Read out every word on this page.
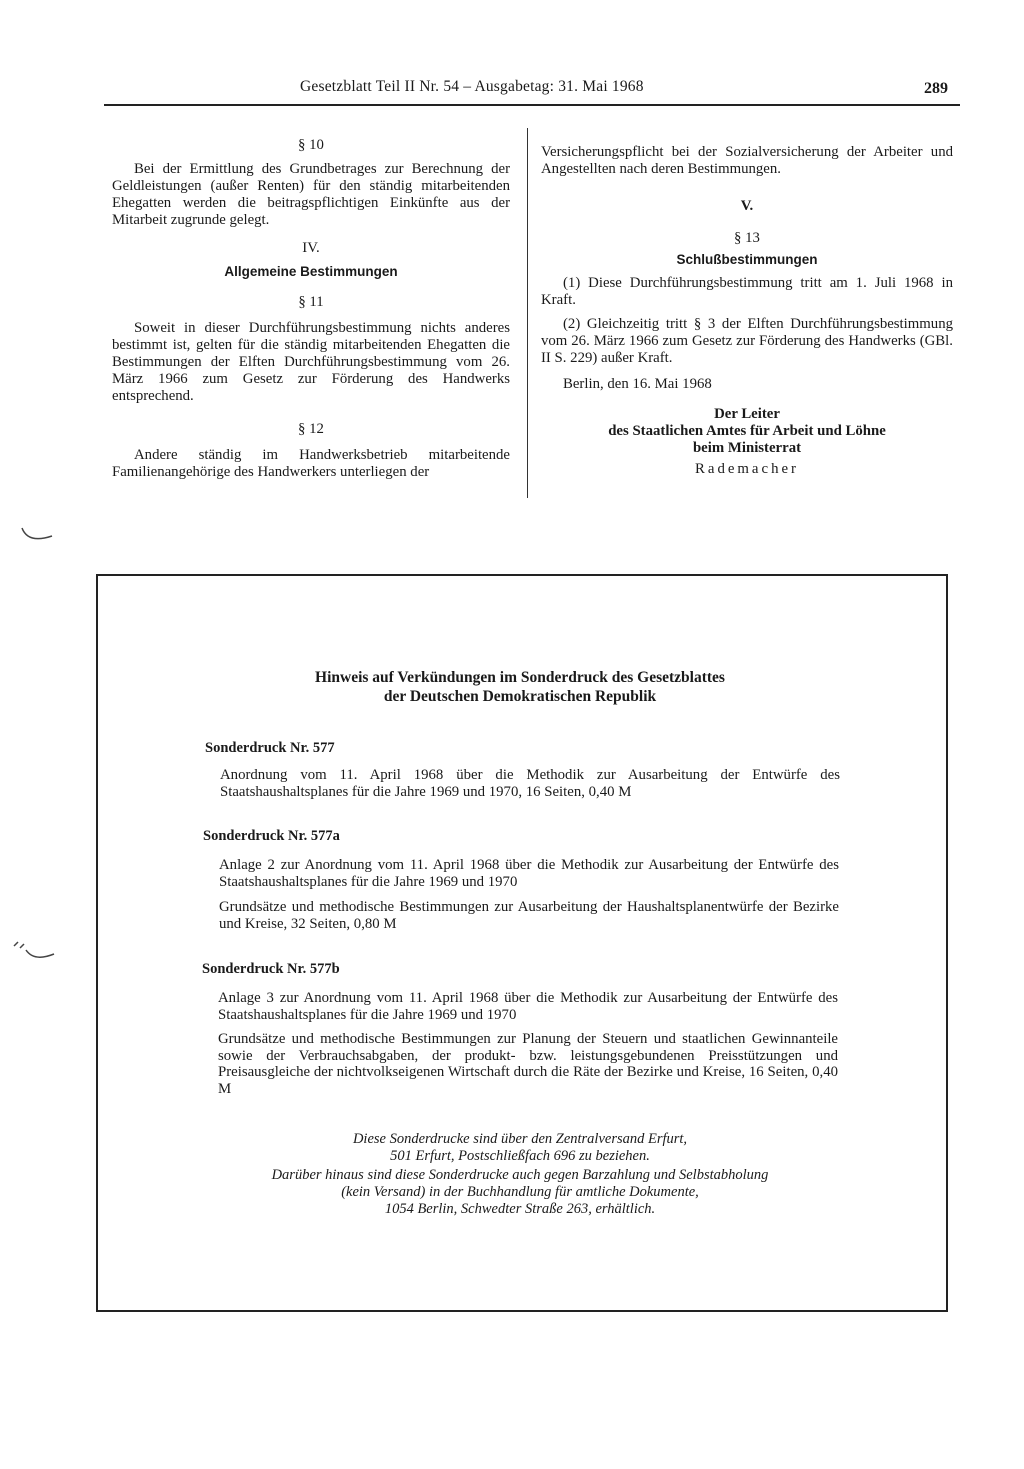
Gesetzblatt Teil II Nr. 54 – Ausgabetag: 31. Mai 1968	289

§ 10

Bei der Ermittlung des Grundbetrages zur Berechnung der Geldleistungen (außer Renten) für den ständig mitarbeitenden Ehegatten werden die beitragspflichtigen Einkünfte aus der Mitarbeit zugrunde gelegt.

IV.

Allgemeine Bestimmungen

§ 11

Soweit in dieser Durchführungsbestimmung nichts anderes bestimmt ist, gelten für die ständig mitarbeitenden Ehegatten die Bestimmungen der Elften Durchführungsbestimmung vom 26. März 1966 zum Gesetz zur Förderung des Handwerks entsprechend.

§ 12

Andere ständig im Handwerksbetrieb mitarbeitende Familienangehörige des Handwerkers unterliegen der

Versicherungspflicht bei der Sozialversicherung der Arbeiter und Angestellten nach deren Bestimmungen.

V.

§ 13

Schlußbestimmungen

(1) Diese Durchführungsbestimmung tritt am 1. Juli 1968 in Kraft.

(2) Gleichzeitig tritt § 3 der Elften Durchführungsbestimmung vom 26. März 1966 zum Gesetz zur Förderung des Handwerks (GBl. II S. 229) außer Kraft.

Berlin, den 16. Mai 1968

Der Leiter

des Staatlichen Amtes für Arbeit und Löhne

beim Ministerrat

Rademacher

Hinweis auf Verkündungen im Sonderdruck des Gesetzblattes
der Deutschen Demokratischen Republik
Sonderdruck Nr. 577
Anordnung vom 11. April 1968 über die Methodik zur Ausarbeitung der Entwürfe des Staatshaushaltsplanes für die Jahre 1969 und 1970, 16 Seiten, 0,40 M
Sonderdruck Nr. 577a
Anlage 2 zur Anordnung vom 11. April 1968 über die Methodik zur Ausarbeitung der Entwürfe des Staatshaushaltsplanes für die Jahre 1969 und 1970
Grundsätze und methodische Bestimmungen zur Ausarbeitung der Haushaltsplanentwürfe der Bezirke und Kreise, 32 Seiten, 0,80 M
Sonderdruck Nr. 577b
Anlage 3 zur Anordnung vom 11. April 1968 über die Methodik zur Ausarbeitung der Entwürfe des Staatshaushaltsplanes für die Jahre 1969 und 1970
Grundsätze und methodische Bestimmungen zur Planung der Steuern und staatlichen Gewinnanteile sowie der Verbrauchsabgaben, der produkt- bzw. leistungsgebundenen Preisstützungen und Preisausgleiche der nichtvolkseigenen Wirtschaft durch die Räte der Bezirke und Kreise, 16 Seiten, 0,40 M
Diese Sonderdrucke sind über den Zentralversand Erfurt,
501 Erfurt, Postschließfach 696 zu beziehen.
Darüber hinaus sind diese Sonderdrucke auch gegen Barzahlung und Selbstabholung
(kein Versand) in der Buchhandlung für amtliche Dokumente,
1054 Berlin, Schwedter Straße 263, erhältlich.
